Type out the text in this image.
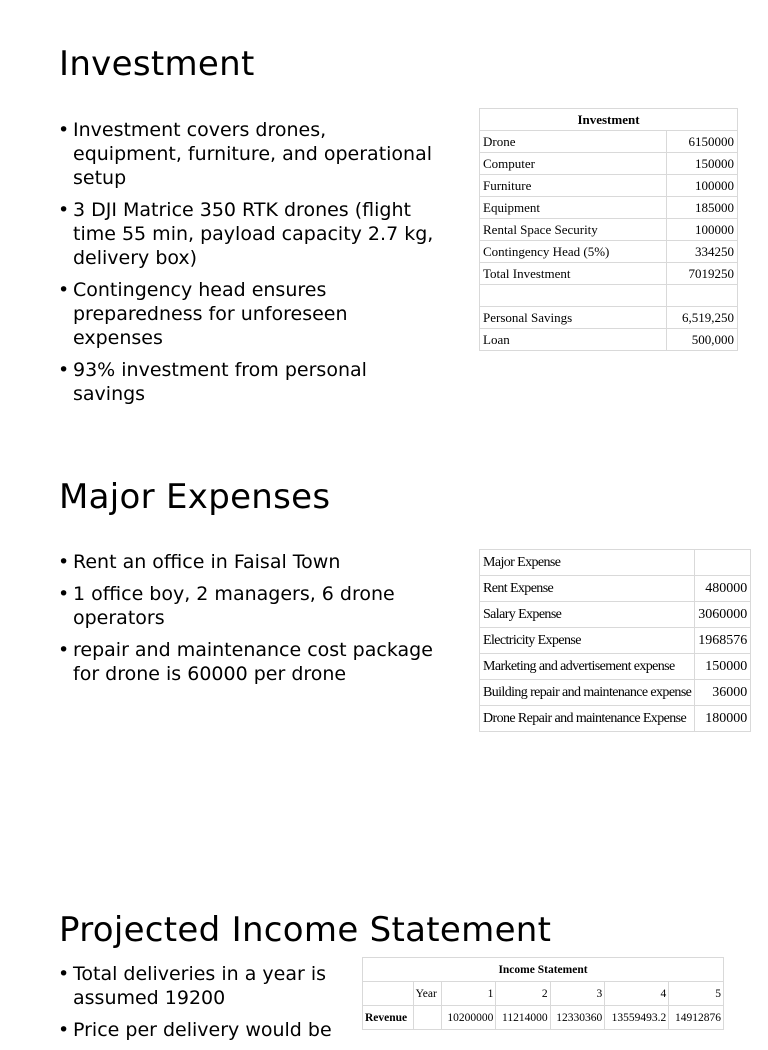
Investment
• Investment covers drones, equipment, furniture, and operational setup
• 3 DJI Matrice 350 RTK drones (flight time 55 min, payload capacity 2.7 kg, delivery box)
• Contingency head ensures preparedness for unforeseen expenses
• 93% investment from personal savings
Investment	
Drone	6150000
Computer	150000
Furniture	100000
Equipment	185000
Rental Space Security	100000
Contingency Head (5%)	334250
Total Investment	7019250

Personal Savings	6,519,250
Loan	500,000
Major Expenses
• Rent an office in Faisal Town
• 1 office boy, 2 managers, 6 drone operators
• repair and maintenance cost package for drone is 60000 per drone
Major Expense	
Rent Expense	480000
Salary Expense	3060000
Electricity Expense	1968576
Marketing and advertisement expense	150000
Building repair and maintenance expense	36000
Drone Repair and maintenance Expense	180000
Projected Income Statement
• Total deliveries in a year is assumed 19200
• Price per delivery would be
Income Statement						
	Year	1	2	3	4	5
Revenue		10200000	11214000	12330360	13559493.2	14912876
